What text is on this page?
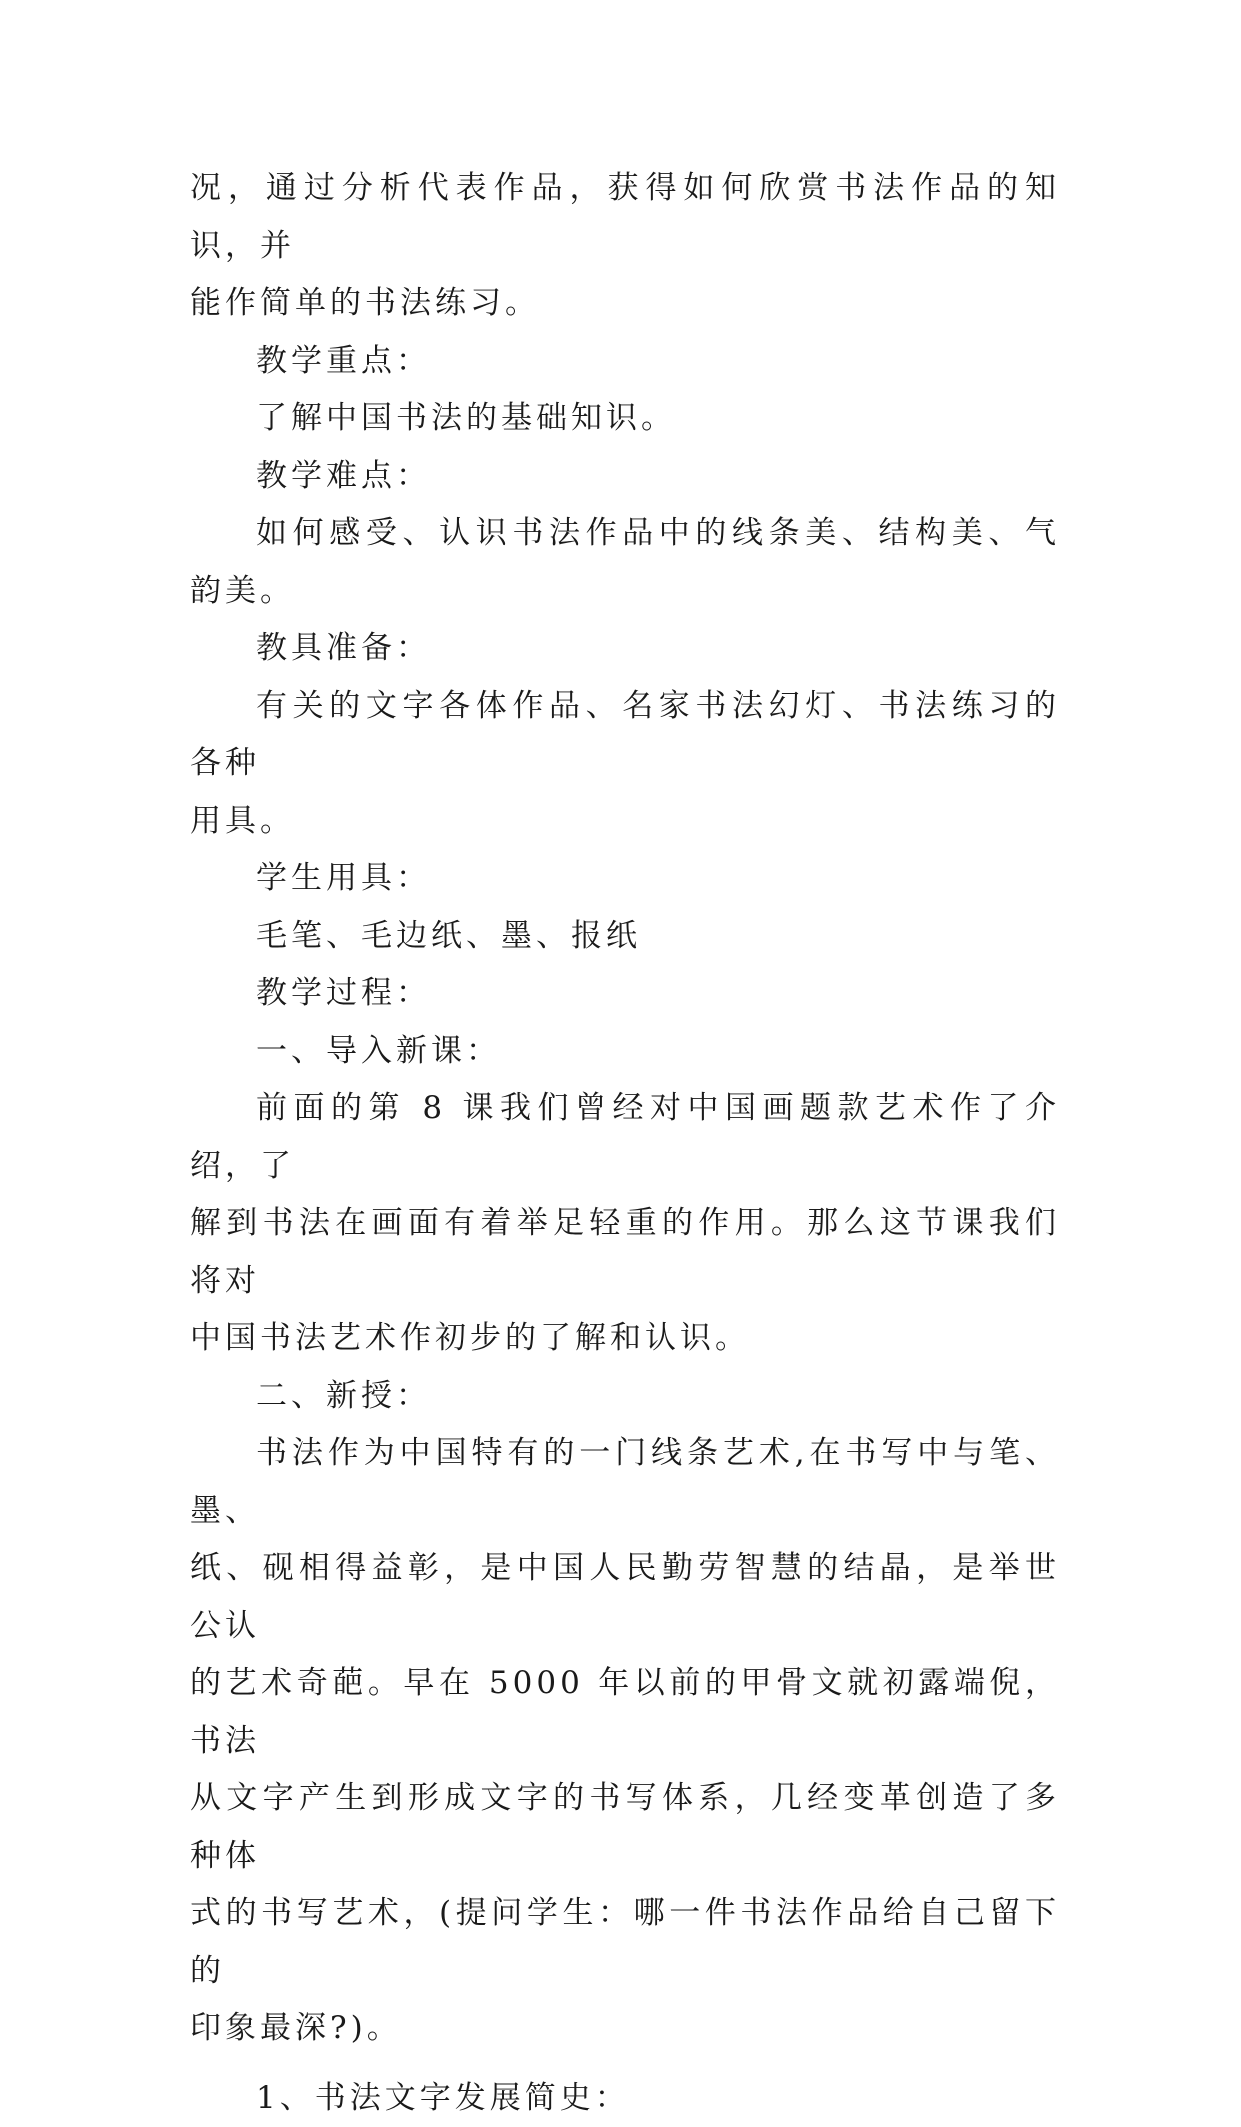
况，通过分析代表作品，获得如何欣赏书法作品的知识，并

能作简单的书法练习。

教学重点：

了解中国书法的基础知识。

教学难点：

如何感受、认识书法作品中的线条美、结构美、气韵美。

教具准备：

有关的文字各体作品、名家书法幻灯、书法练习的各种

用具。

学生用具：

毛笔、毛边纸、墨、报纸

教学过程：

一、导入新课：

前面的第 8 课我们曾经对中国画题款艺术作了介绍，了

解到书法在画面有着举足轻重的作用。那么这节课我们将对

中国书法艺术作初步的了解和认识。

二、新授：

书法作为中国特有的一门线条艺术,在书写中与笔、墨、

纸、砚相得益彰，是中国人民勤劳智慧的结晶，是举世公认

的艺术奇葩。早在 5000 年以前的甲骨文就初露端倪，书法

从文字产生到形成文字的书写体系，几经变革创造了多种体

式的书写艺术，(提问学生：哪一件书法作品给自己留下的

印象最深?)。

1、书法文字发展简史：
